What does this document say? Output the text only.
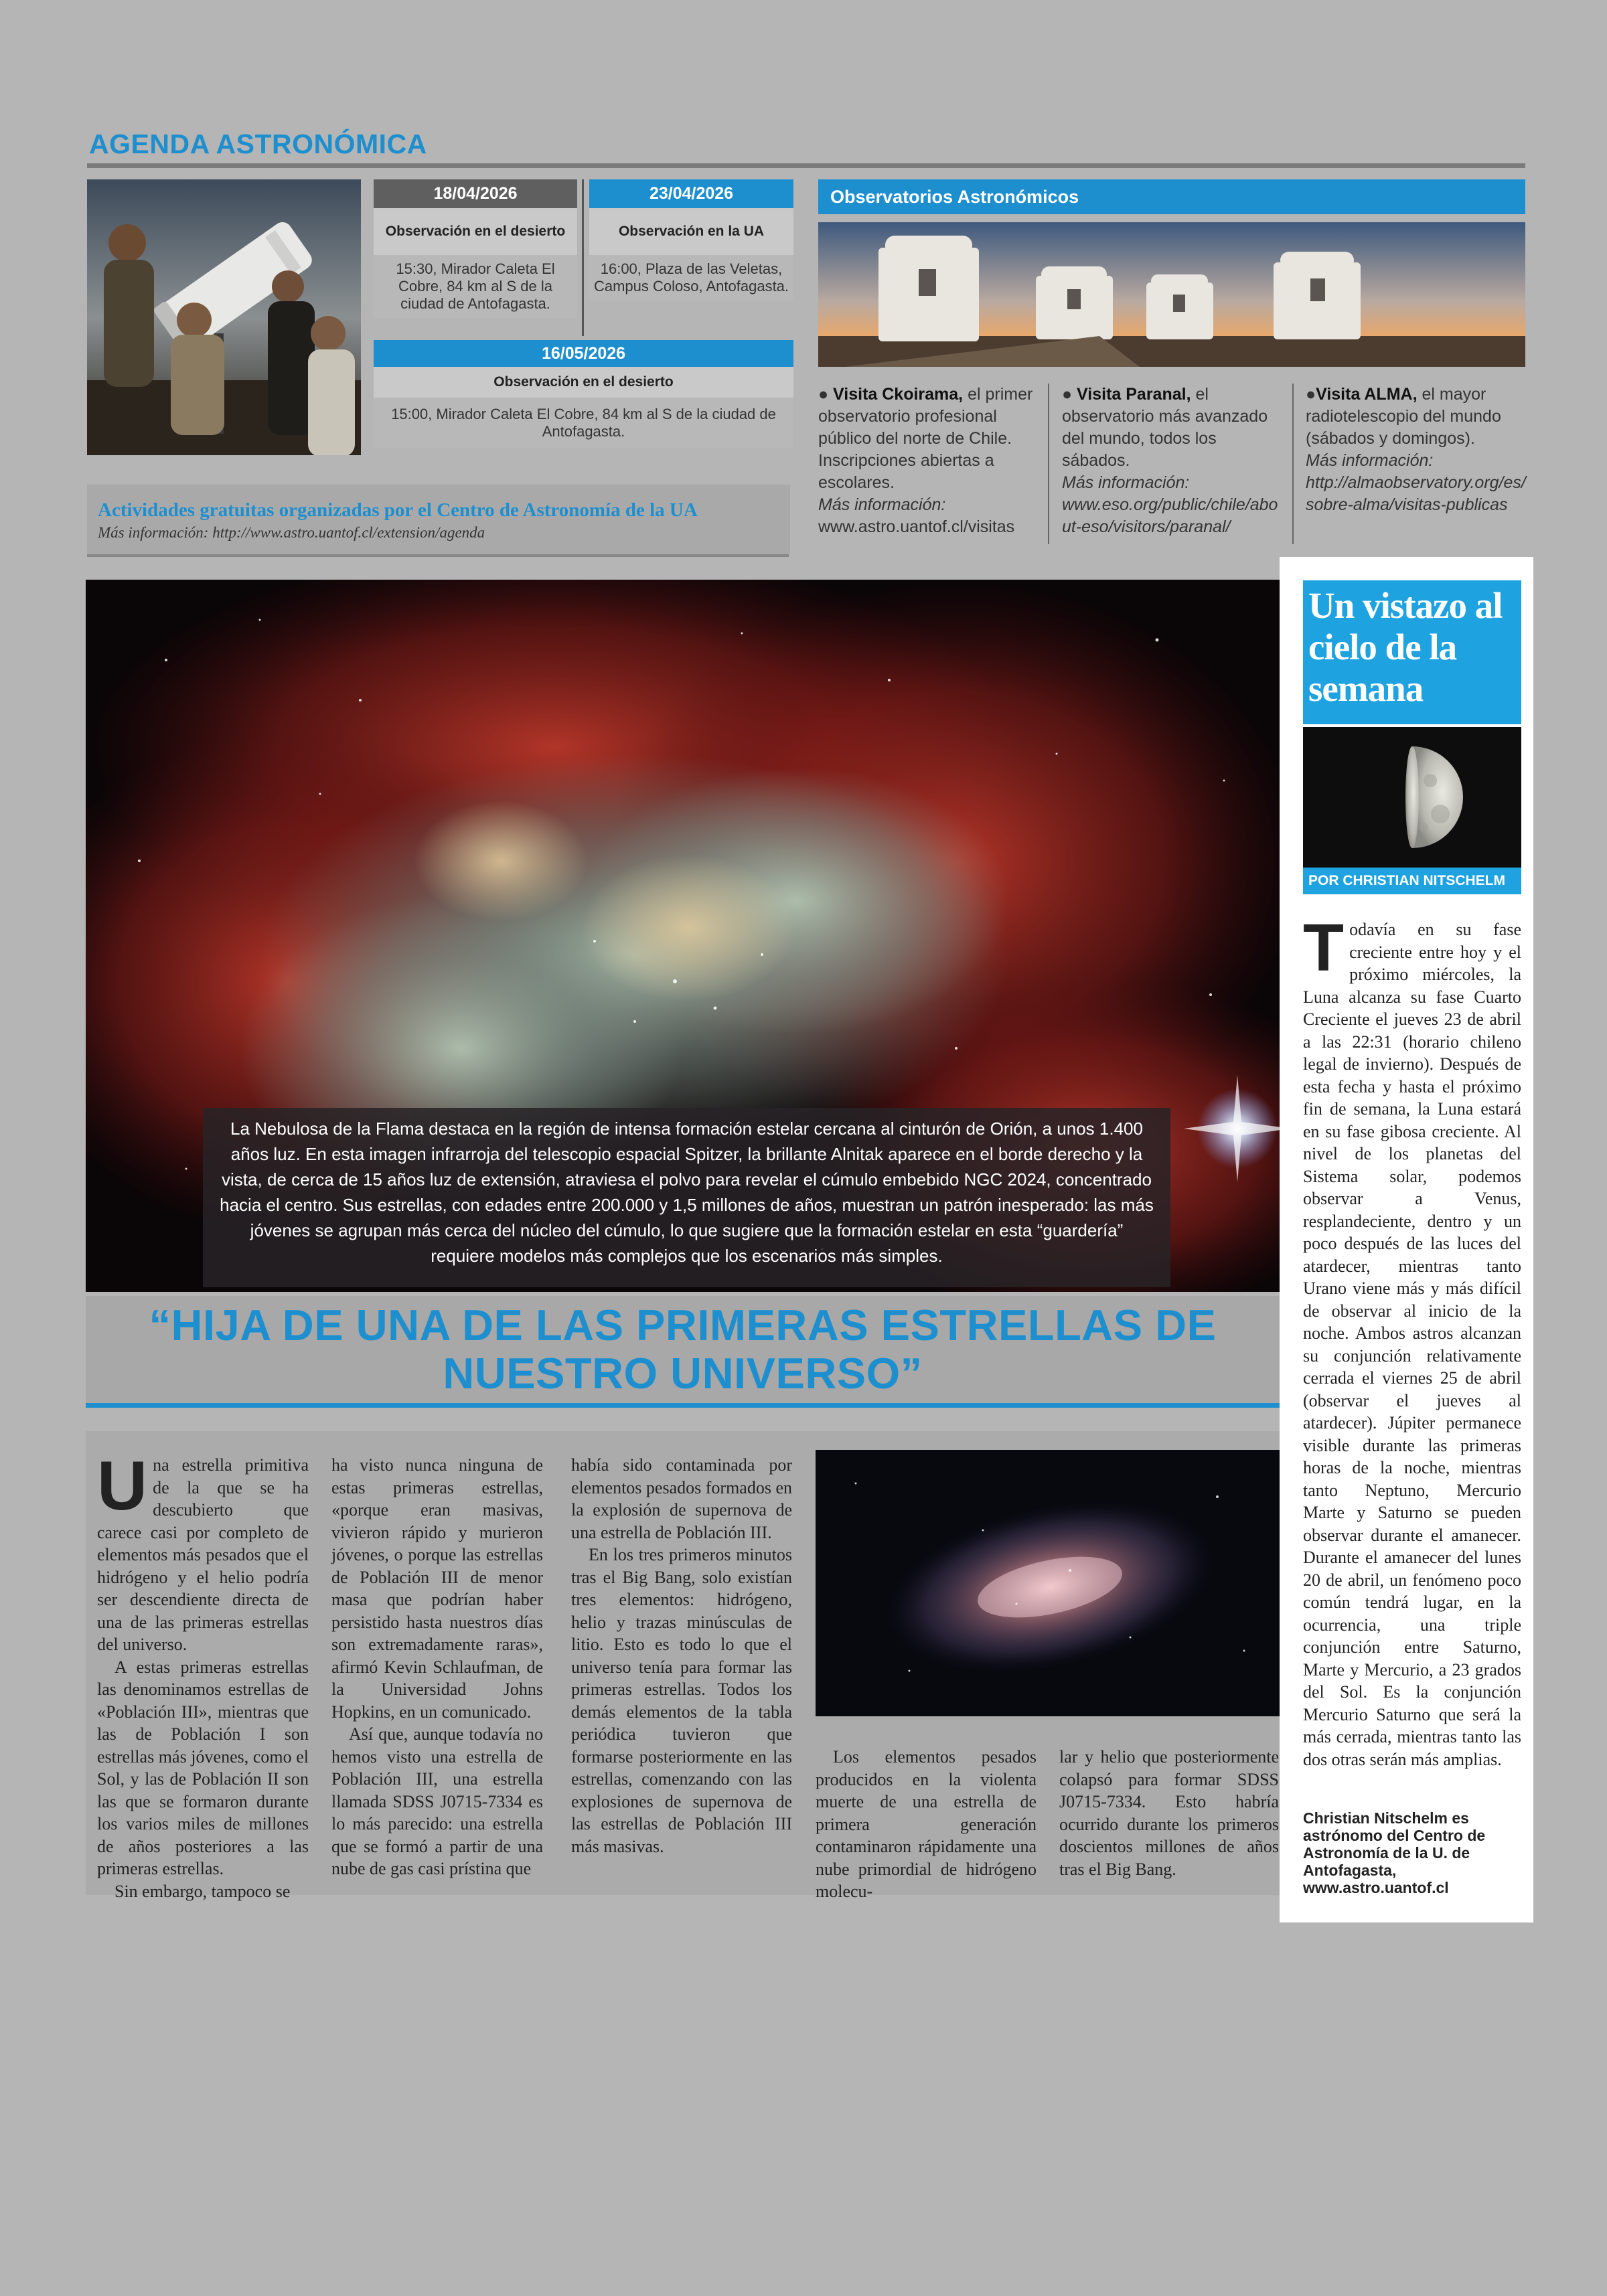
AGENDA ASTRONÓMICA
18/04/2026
Observación en el desierto
15:30, Mirador Caleta El Cobre, 84 km al S de la ciudad de Antofagasta.
23/04/2026
Observación en la UA
16:00, Plaza de las Veletas, Campus Coloso, Antofagasta.
16/05/2026
Observación en el desierto
15:00, Mirador Caleta El Cobre, 84 km al S de la ciudad de Antofagasta.
Observatorios Astronómicos
● Visita Ckoirama, el primer observatorio profesional público del norte de Chile. Inscripciones abiertas a escolares.
Más información:
www.astro.uantof.cl/visitas
● Visita Paranal, el observatorio más avanzado del mundo, todos los sábados.
Más información:
www.eso.org/public/chile/about-eso/visitors/paranal/
●Visita ALMA, el mayor radiotelescopio del mundo (sábados y domingos).
Más información:
http://almaobservatory.org/es/sobre-alma/visitas-publicas
Actividades gratuitas organizadas por el Centro de Astronomía de la UA
Más información: http://www.astro.uantof.cl/extension/agenda
La Nebulosa de la Flama destaca en la región de intensa formación estelar cercana al cinturón de Orión, a unos 1.400 años luz. En esta imagen infrarroja del telescopio espacial Spitzer, la brillante Alnitak aparece en el borde derecho y la vista, de cerca de 15 años luz de extensión, atraviesa el polvo para revelar el cúmulo embebido NGC 2024, concentrado hacia el centro. Sus estrellas, con edades entre 200.000 y 1,5 millones de años, muestran un patrón inesperado: las más jóvenes se agrupan más cerca del núcleo del cúmulo, lo que sugiere que la formación estelar en esta “guardería” requiere modelos más complejos que los escenarios más simples.
“HIJA DE UNA DE LAS PRIMERAS ESTRELLAS DE NUESTRO UNIVERSO”

Una estrella primitiva de la que se ha descubierto que carece casi por completo de elementos más pesados que el hidrógeno y el helio podría ser descendiente directa de una de las primeras estrellas del universo.

A estas primeras estrellas las denominamos estrellas de «Población III», mientras que las de Población I son estrellas más jóvenes, como el Sol, y las de Población II son las que se formaron durante los varios miles de millones de años posteriores a las primeras estrellas.

Sin embargo, tampoco se

ha visto nunca ninguna de estas primeras estrellas, «porque eran masivas, vivieron rápido y murieron jóvenes, o porque las estrellas de Población III de menor masa que podrían haber persistido hasta nuestros días son extremadamente raras», afirmó Kevin Schlaufman, de la Universidad Johns Hopkins, en un comunicado.

Así que, aunque todavía no hemos visto una estrella de Población III, una estrella llamada SDSS J0715-7334 es lo más parecido: una estrella que se formó a partir de una nube de gas casi prístina que

había sido contaminada por elementos pesados formados en la explosión de supernova de una estrella de Población III.

En los tres primeros minutos tras el Big Bang, solo existían tres elementos: hidrógeno, helio y trazas minúsculas de litio. Esto es todo lo que el universo tenía para formar las primeras estrellas. Todos los demás elementos de la tabla periódica tuvieron que formarse posteriormente en las estrellas, comenzando con las explosiones de supernova de las estrellas de Población III más masivas.

Los elementos pesados producidos en la violenta muerte de una estrella de primera generación contaminaron rápidamente una nube primordial de hidrógeno molecu-

lar y helio que posteriormente colapsó para formar SDSS J0715-7334. Esto habría ocurrido durante los primeros doscientos millones de años tras el Big Bang.

Un vistazo al cielo de la semana
POR CHRISTIAN NITSCHELM
Todavía en su fase creciente entre hoy y el próximo miércoles, la Luna alcanza su fase Cuarto Creciente el jueves 23 de abril a las 22:31 (horario chileno legal de invierno). Después de esta fecha y hasta el próximo fin de semana, la Luna estará en su fase gibosa creciente. Al nivel de los planetas del Sistema solar, podemos observar a Venus, resplandeciente, dentro y un poco después de las luces del atardecer, mientras tanto Urano viene más y más difícil de observar al inicio de la noche. Ambos astros alcanzan su conjunción relativamente cerrada el viernes 25 de abril (observar el jueves al atardecer). Júpiter permanece visible durante las primeras horas de la noche, mientras tanto Neptuno, Mercurio Marte y Saturno se pueden observar durante el amanecer. Durante el amanecer del lunes 20 de abril, un fenómeno poco común tendrá lugar, en la ocurrencia, una triple conjunción entre Saturno, Marte y Mercurio, a 23 grados del Sol. Es la conjunción Mercurio Saturno que será la más cerrada, mientras tanto las dos otras serán más amplias.
Christian Nitschelm es astrónomo del Centro de Astronomía de la U. de Antofagasta, www.astro.uantof.cl
